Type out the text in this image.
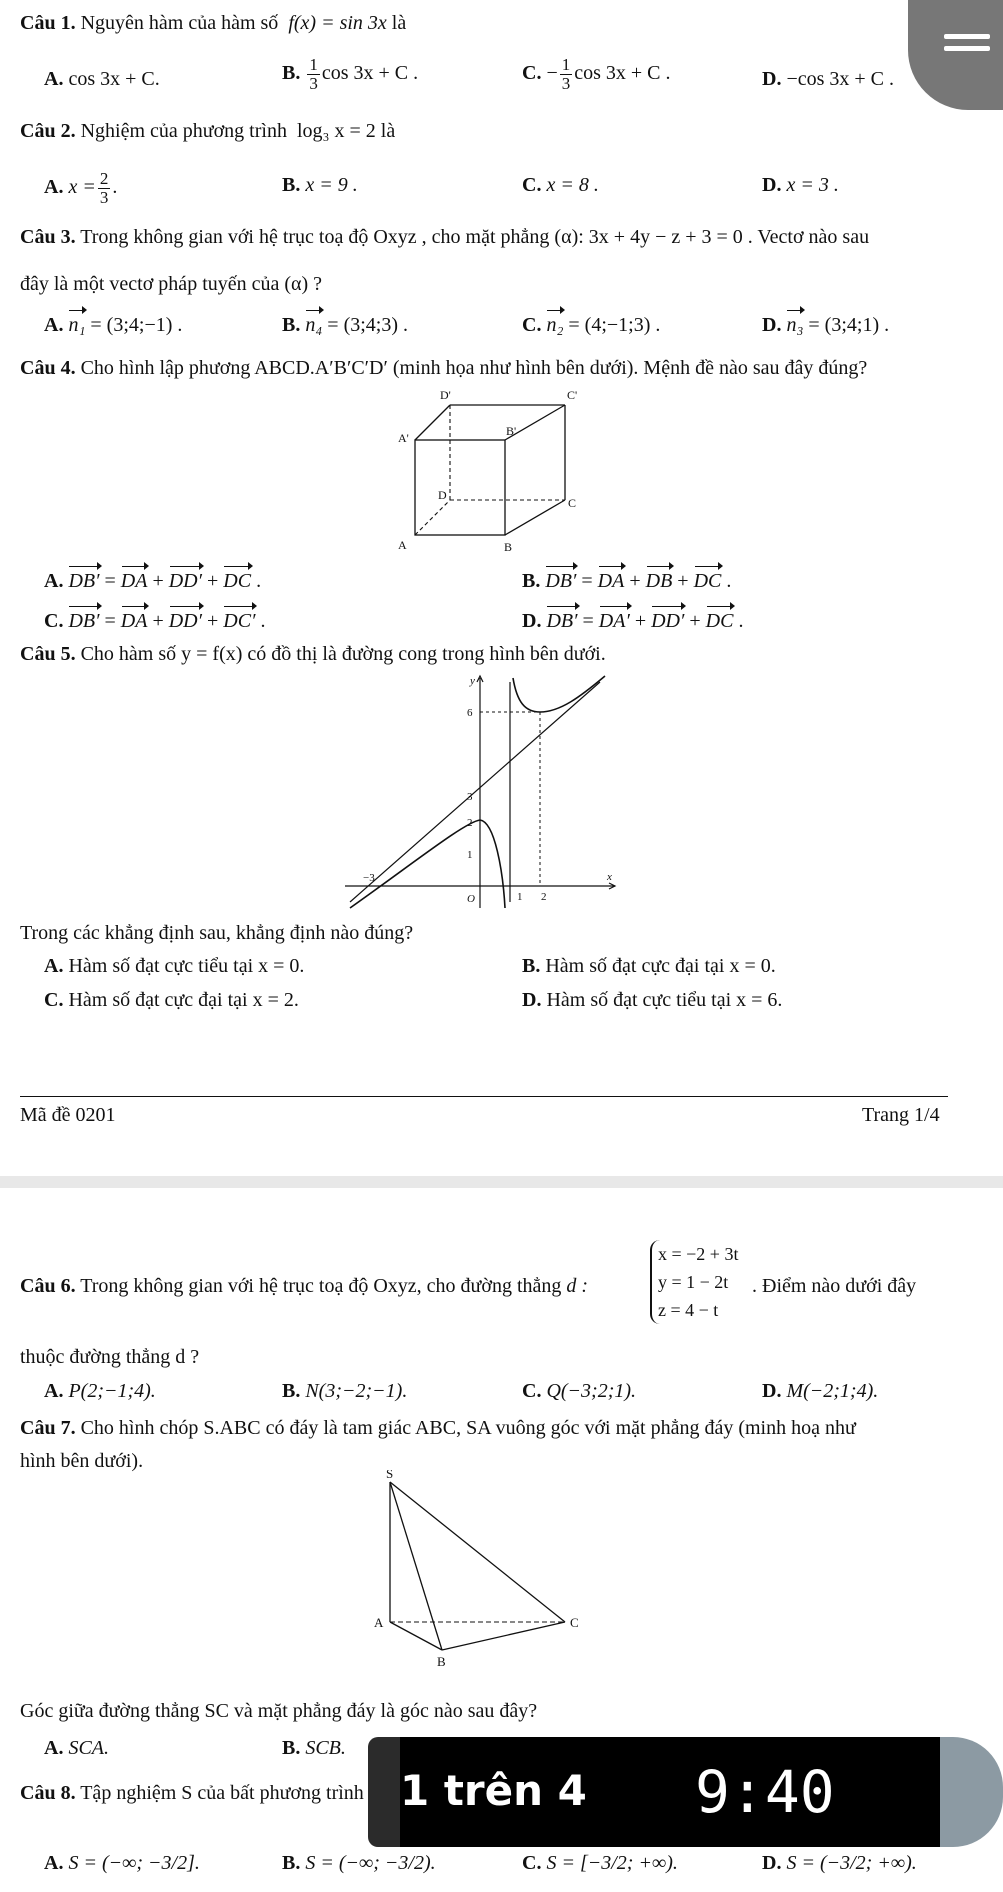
Câu 1. Nguyên hàm của hàm số f(x) = sin 3x là
A. cos 3x + C.	B. $\frac{1}{3}$ cos 3x + C .	C. − $\frac{1}{3}$ cos 3x + C .	D. −cos 3x + C .
Câu 2. Nghiệm của phương trình log₃ x = 2 là
A. $x = \frac{2}{3}$ .	B. x = 9 .	C. x = 8 .	D. x = 3 .
Câu 3. Trong không gian với hệ trục toạ độ Oxyz , cho mặt phẳng (α): 3x + 4y − z + 3 = 0 . Vectơ nào sau
đây là một vectơ pháp tuyến của (α) ?
A. n₁ = (3;4;−1) .	B. n₄ = (3;4;3) .	C. n₂ = (4;−1;3) .	D. n₃ = (3;4;1) .
Câu 4. Cho hình lập phương ABCD.A′B′C′D′ (minh họa như hình bên dưới). Mệnh đề nào sau đây đúng?
D'	C'
A'	B'
D
C
A	B
A. DB′ = DA + DD′ + DC .	B. DB′ = DA + DB + DC .
C. DB′ = DA + DD′ + DC′ .	D. DB′ = DA′ + DD′ + DC .
Câu 5. Cho hàm số y = f(x) có đồ thị là đường cong trong hình bên dưới.
y
x
O
6
3
2
1
−3
1 2
Trong các khẳng định sau, khẳng định nào đúng?
A. Hàm số đạt cực tiểu tại x = 0.	B. Hàm số đạt cực đại tại x = 0.
C. Hàm số đạt cực đại tại x = 2.	D. Hàm số đạt cực tiểu tại x = 6.
Mã đề 0201	Trang 1/4
Câu 6. Trong không gian với hệ trục toạ độ Oxyz, cho đường thẳng d :
x = −2 + 3t
y = 1 − 2t
z = 4 − t
. Điểm nào dưới đây
thuộc đường thẳng d ?
A. P(2;−1;4).	B. N(3;−2;−1).	C. Q(−3;2;1).	D. M(−2;1;4).
Câu 7. Cho hình chóp S.ABC có đáy là tam giác ABC, SA vuông góc với mặt phẳng đáy (minh hoạ như
hình bên dưới).
S
A	C
B
Góc giữa đường thẳng SC và mặt phẳng đáy là góc nào sau đây?
A. SCA.	B. SCB.
Câu 8. Tập nghiệm S của bất phương trình
A. S = (−∞; −3/2].	B. S = (−∞; −3/2).	C. S = [−3/2; +∞).	D. S = (−3/2; +∞).
1 trên 4 9:40
